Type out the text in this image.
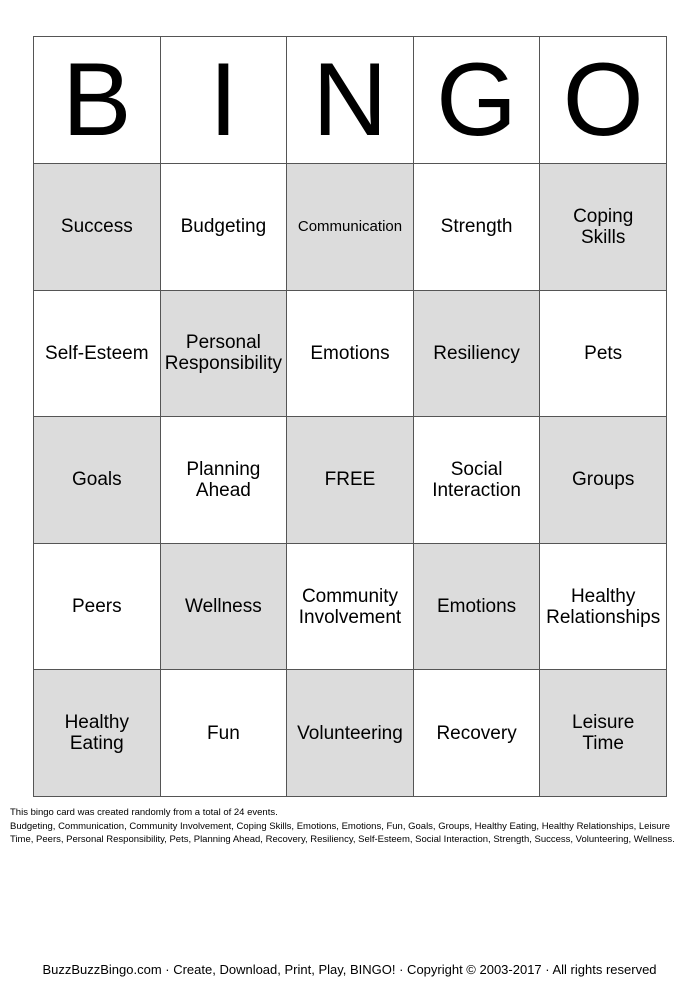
B	I	N	G	O
Success	Budgeting	Communication	Strength	Coping Skills
Self-Esteem	Personal Responsibility	Emotions	Resiliency	Pets
Goals	Planning Ahead	FREE	Social Interaction	Groups
Peers	Wellness	Community Involvement	Emotions	Healthy Relationships
Healthy Eating	Fun	Volunteering	Recovery	Leisure Time

This bingo card was created randomly from a total of 24 events.

Budgeting, Communication, Community Involvement, Coping Skills, Emotions, Emotions, Fun, Goals, Groups, Healthy Eating, Healthy Relationships, Leisure Time, Peers, Personal Responsibility, Pets, Planning Ahead, Recovery, Resiliency, Self-Esteem, Social Interaction, Strength, Success, Volunteering, Wellness.

BuzzBuzzBingo.com · Create, Download, Print, Play, BINGO! · Copyright © 2003-2017 · All rights reserved
